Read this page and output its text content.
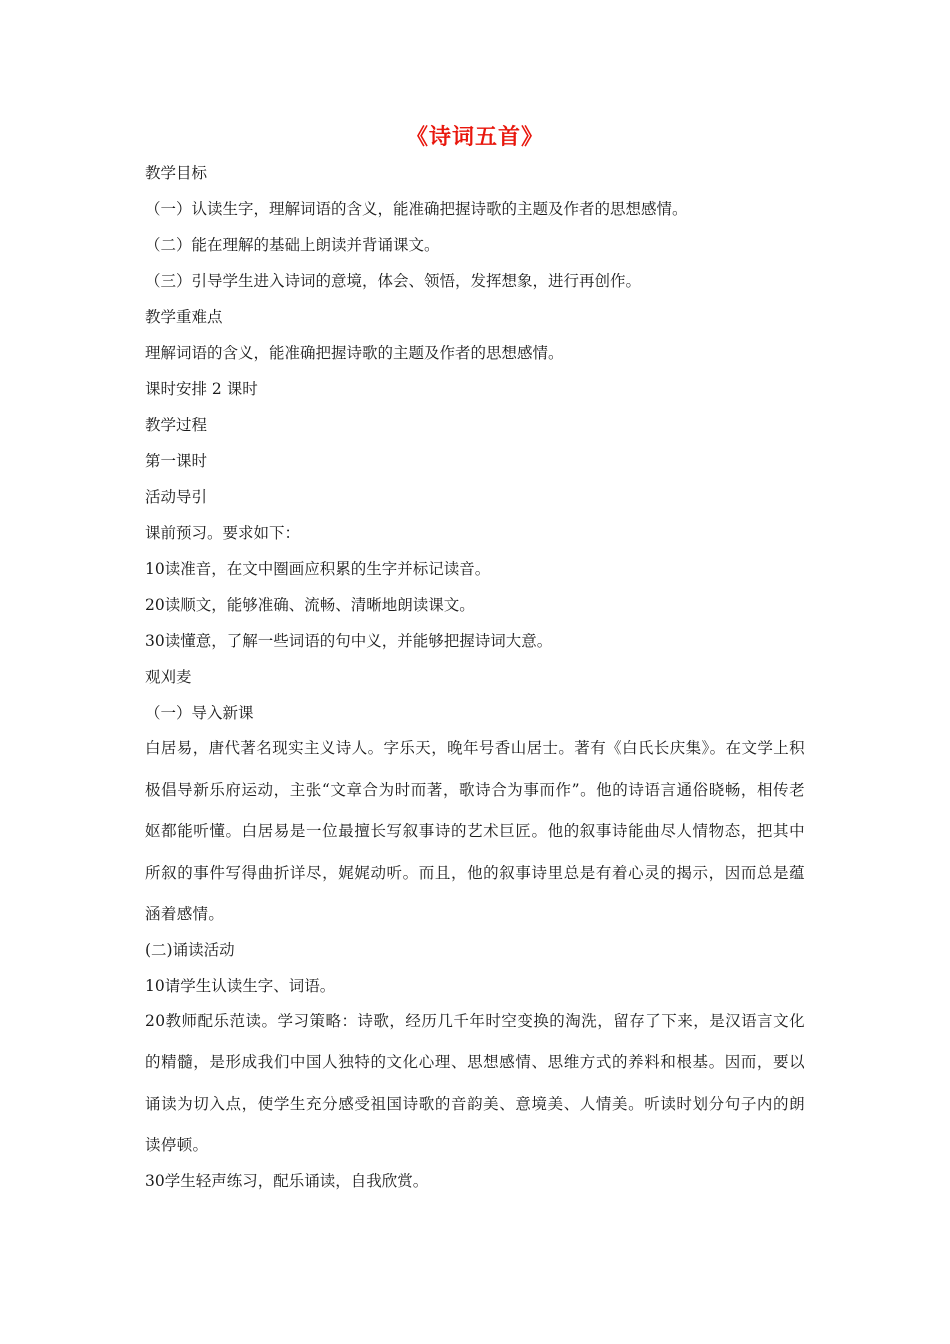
《诗词五首》
教学目标
（一）认读生字，理解词语的含义，能准确把握诗歌的主题及作者的思想感情。
（二）能在理解的基础上朗读并背诵课文。
（三）引导学生进入诗词的意境，体会、领悟，发挥想象，进行再创作。
教学重难点
理解词语的含义，能准确把握诗歌的主题及作者的思想感情。
课时安排 2 课时
教学过程
第一课时
活动导引
课前预习。要求如下：
10读准音，在文中圈画应积累的生字并标记读音。
20读顺文，能够准确、流畅、清晰地朗读课文。
30读懂意，了解一些词语的句中义，并能够把握诗词大意。
观刈麦
（一）导入新课
白居易，唐代著名现实主义诗人。字乐天，晚年号香山居士。著有《白氏长庆集》。在文学上积极倡导新乐府运动，主张“文章合为时而著，歌诗合为事而作”。他的诗语言通俗晓畅，相传老妪都能听懂。白居易是一位最擅长写叙事诗的艺术巨匠。他的叙事诗能曲尽人情物态，把其中所叙的事件写得曲折详尽，娓娓动听。而且，他的叙事诗里总是有着心灵的揭示，因而总是蕴涵着感情。
(二)诵读活动
10请学生认读生字、词语。
20教师配乐范读。学习策略：诗歌，经历几千年时空变换的淘洗，留存了下来，是汉语言文化的精髓，是形成我们中国人独特的文化心理、思想感情、思维方式的养料和根基。因而，要以诵读为切入点，使学生充分感受祖国诗歌的音韵美、意境美、人情美。听读时划分句子内的朗读停顿。
30学生轻声练习，配乐诵读，自我欣赏。
